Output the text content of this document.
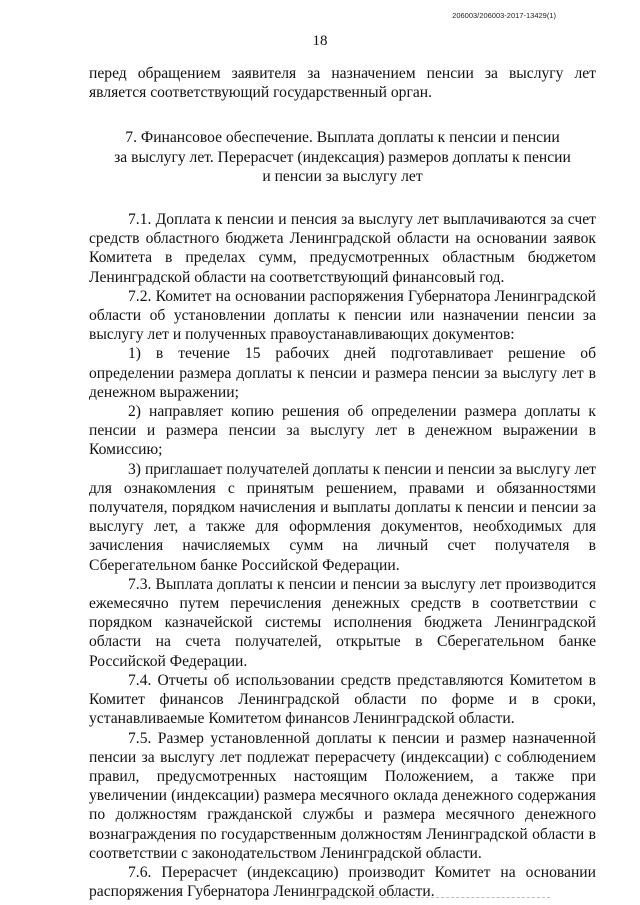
206003/206003-2017-13429(1)
18

перед обращением заявителя за назначением пенсии за выслугу лет является соответствующий государственный орган.

7. Финансовое обеспечение. Выплата доплаты к пенсии и пенсии
за выслугу лет. Перерасчет (индексация) размеров доплаты к пенсии
и пенсии за выслугу лет

7.1. Доплата к пенсии и пенсия за выслугу лет выплачиваются за счет средств областного бюджета Ленинградской области на основании заявок Комитета в пределах сумм, предусмотренных областным бюджетом Ленинградской области на соответствующий финансовый год.

7.2. Комитет на основании распоряжения Губернатора Ленинградской области об установлении доплаты к пенсии или назначении пенсии за выслугу лет и полученных правоустанавливающих документов:

1) в течение 15 рабочих дней подготавливает решение об определении размера доплаты к пенсии и размера пенсии за выслугу лет в денежном выражении;

2) направляет копию решения об определении размера доплаты к пенсии и размера пенсии за выслугу лет в денежном выражении в Комиссию;

3) приглашает получателей доплаты к пенсии и пенсии за выслугу лет для ознакомления с принятым решением, правами и обязанностями получателя, порядком начисления и выплаты доплаты к пенсии и пенсии за выслугу лет, а также для оформления документов, необходимых для зачисления начисляемых сумм на личный счет получателя в Сберегательном банке Российской Федерации.

7.3. Выплата доплаты к пенсии и пенсии за выслугу лет производится ежемесячно путем перечисления денежных средств в соответствии с порядком казначейской системы исполнения бюджета Ленинградской области на счета получателей, открытые в Сберегательном банке Российской Федерации.

7.4. Отчеты об использовании средств представляются Комитетом в Комитет финансов Ленинградской области по форме и в сроки, устанавливаемые Комитетом финансов Ленинградской области.

7.5. Размер установленной доплаты к пенсии и размер назначенной пенсии за выслугу лет подлежат перерасчету (индексации) с соблюдением правил, предусмотренных настоящим Положением, а также при увеличении (индексации) размера месячного оклада денежного содержания по должностям гражданской службы и размера месячного денежного вознаграждения по государственным должностям Ленинградской области в соответствии с законодательством Ленинградской области.

7.6. Перерасчет (индексацию) производит Комитет на основании распоряжения Губернатора Ленинградской области.
